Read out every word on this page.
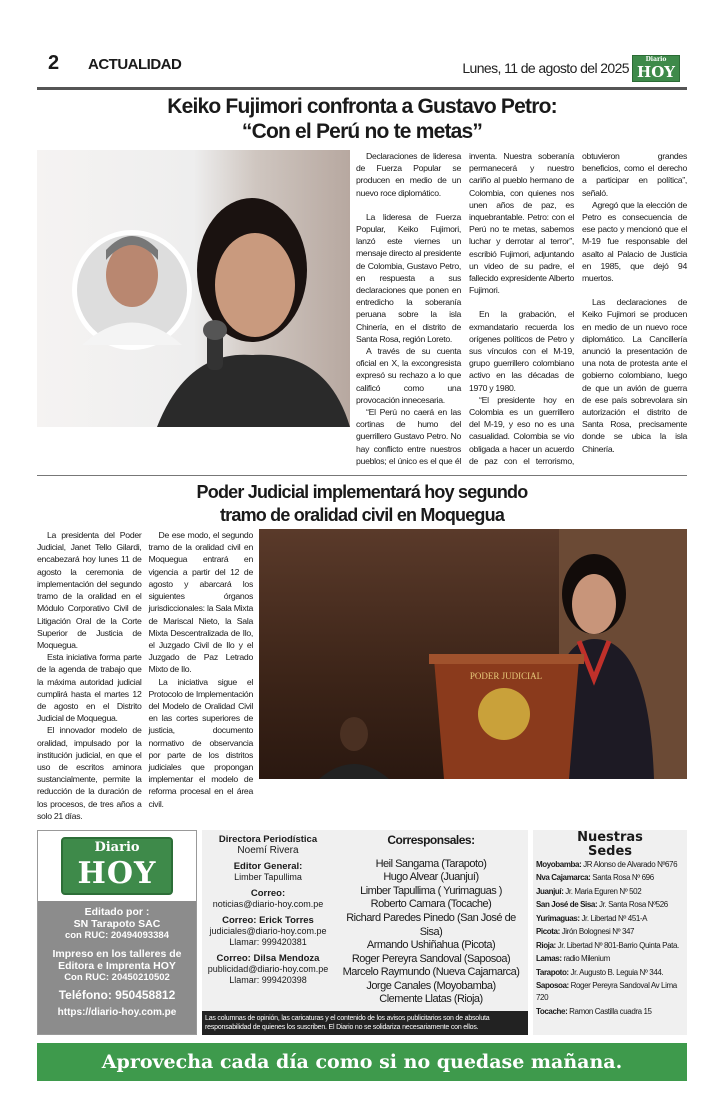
2 ACTUALIDAD	Lunes, 11 de agosto del 2025
Diario
HOY
Keiko Fujimori confronta a Gustavo Petro:
“Con el Perú no te metas”

Declaraciones de lideresa de Fuerza Popular se producen en medio de un nuevo roce diplomático.

La lideresa de Fuerza Popular, Keiko Fujimori, lanzó este viernes un mensaje directo al presidente de Colombia, Gustavo Petro, en respuesta a sus declaraciones que ponen en entredicho la soberanía peruana sobre la isla Chinería, en el distrito de Santa Rosa, región Loreto.

A través de su cuenta oficial en X, la excongresista expresó su rechazo a lo que calificó como una provocación innecesaria.

“El Perú no caerá en las cortinas de humo del guerrillero Gustavo Petro. No hay conflicto entre nuestros pueblos; el único es el que él inventa. Nuestra soberanía permanecerá y nuestro cariño al pueblo hermano de Colombia, con quienes nos unen años de paz, es inquebrantable. Petro: con el Perú no te metas, sabemos luchar y derrotar al terror”, escribió Fujimori, adjuntando un video de su padre, el fallecido expresidente Alberto Fujimori.

En la grabación, el exmandatario recuerda los orígenes políticos de Petro y sus vínculos con el M-19, grupo guerrillero colombiano activo en las décadas de 1970 y 1980.

“El presidente hoy en Colombia es un guerrillero del M-19, y eso no es una casualidad. Colombia se vio obligada a hacer un acuerdo de paz con el terrorismo, obtuvieron grandes beneficios, como el derecho a participar en política”, señaló.

Agregó que la elección de Petro es consecuencia de ese pacto y mencionó que el M-19 fue responsable del asalto al Palacio de Justicia en 1985, que dejó 94 muertos.

Las declaraciones de Keiko Fujimori se producen en medio de un nuevo roce diplomático. La Cancillería anunció la presentación de una nota de protesta ante el gobierno colombiano, luego de que un avión de guerra de ese país sobrevolara sin autorización el distrito de Santa Rosa, precisamente donde se ubica la isla Chinería.

Poder Judicial implementará hoy segundo
tramo de oralidad civil en Moquegua

La presidenta del Poder Judicial, Janet Tello Gilardi, encabezará hoy lunes 11 de agosto la ceremonia de implementación del segundo tramo de la oralidad en el Módulo Corporativo Civil de Litigación Oral de la Corte Superior de Justicia de Moquegua.

Esta iniciativa forma parte de la agenda de trabajo que la máxima autoridad judicial cumplirá hasta el martes 12 de agosto en el Distrito Judicial de Moquegua.

El innovador modelo de oralidad, impulsado por la institución judicial, en que el uso de escritos aminora sustancialmente, permite la reducción de la duración de los procesos, de tres años a solo 21 días.

De ese modo, el segundo tramo de la oralidad civil en Moquegua entrará en vigencia a partir del 12 de agosto y abarcará los siguientes órganos jurisdiccionales: la Sala Mixta de Mariscal Nieto, la Sala Mixta Descentralizada de Ilo, el Juzgado Civil de Ilo y el Juzgado de Paz Letrado Mixto de Ilo.

La iniciativa sigue el Protocolo de Implementación del Modelo de Oralidad Civil en las cortes superiores de justicia, documento normativo de observancia por parte de los distritos judiciales que propongan implementar el modelo de reforma procesal en el área civil.

PODER JUDICIAL
Diario
HOY
Editado por :
SN Tarapoto SAC
con RUC: 20494093384
Impreso en los talleres de
Editora e Imprenta HOY
Con RUC: 20450210502
Teléfono: 950458812
https://diario-hoy.com.pe
Directora Periodística
Noemí Rivera
Editor General:
Limber Tapullima
Correo:
noticias@diario-hoy.com.pe
Correo: Erick Torres
judiciales@diario-hoy.com.pe
Llamar: 999420381
Correo: Dilsa Mendoza
publicidad@diario-hoy.com.pe
Llamar: 999420398
Corresponsales:
Heil Sangama (Tarapoto)
Hugo Alvear (Juanjuí)
Limber Tapullima ( Yurimaguas )
Roberto Camara (Tocache)
Richard Paredes Pinedo (San José de Sisa)
Armando Ushiñahua (Picota)
Roger Pereyra Sandoval (Saposoa)
Marcelo Raymundo (Nueva Cajamarca)
Jorge Canales (Moyobamba)
Clemente Llatas (Rioja)
Las columnas de opinión, las caricaturas y el contenido de los avisos publicitarios son de absoluta responsabilidad de quienes los suscriben. El Diario no se solidariza necesariamente con ellos.
Nuestras
Sedes
Moyobamba: JR Alonso de Alvarado Nº676
Nva Cajamarca: Santa Rosa Nº 696
Juanjuí: Jr. Maria Eguren Nº 502
San José de Sisa: Jr. Santa Rosa Nº526
Yurimaguas: Jr. Libertad Nº 451-A
Picota: Jirón Bolognesi Nº 347
Rioja: Jr. Libertad Nº 801-Barrio Quinta Pata.
Lamas: radio Milenium
Tarapoto: Jr. Augusto B. Leguia Nº 344.
Saposoa: Roger Pereyra Sandoval Av Lima 720
Tocache: Ramon Castilla cuadra 15
Aprovecha cada día como si no quedase mañana.
